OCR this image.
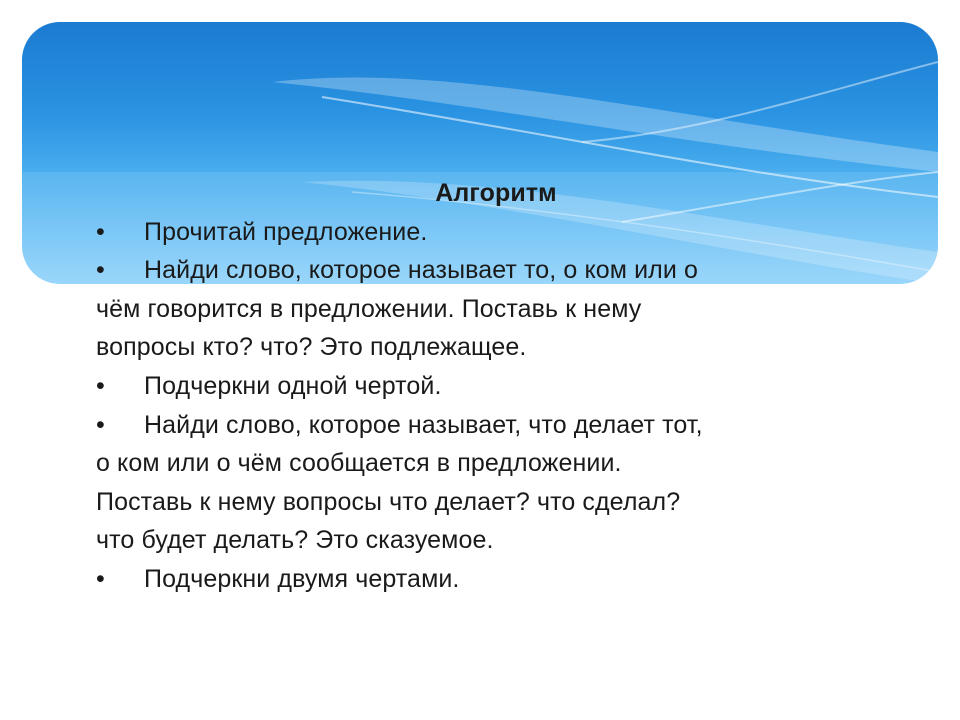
Алгоритм
• Прочитай предложение.
• Найди слово, которое называет то, о ком или о
чём говорится в предложении. Поставь к нему
вопросы кто? что? Это подлежащее.
• Подчеркни одной чертой.
• Найди слово, которое называет, что делает тот,
о ком или о чём сообщается в предложении.
Поставь к нему вопросы что делает? что сделал?
что будет делать? Это сказуемое.
• Подчеркни двумя чертами.
